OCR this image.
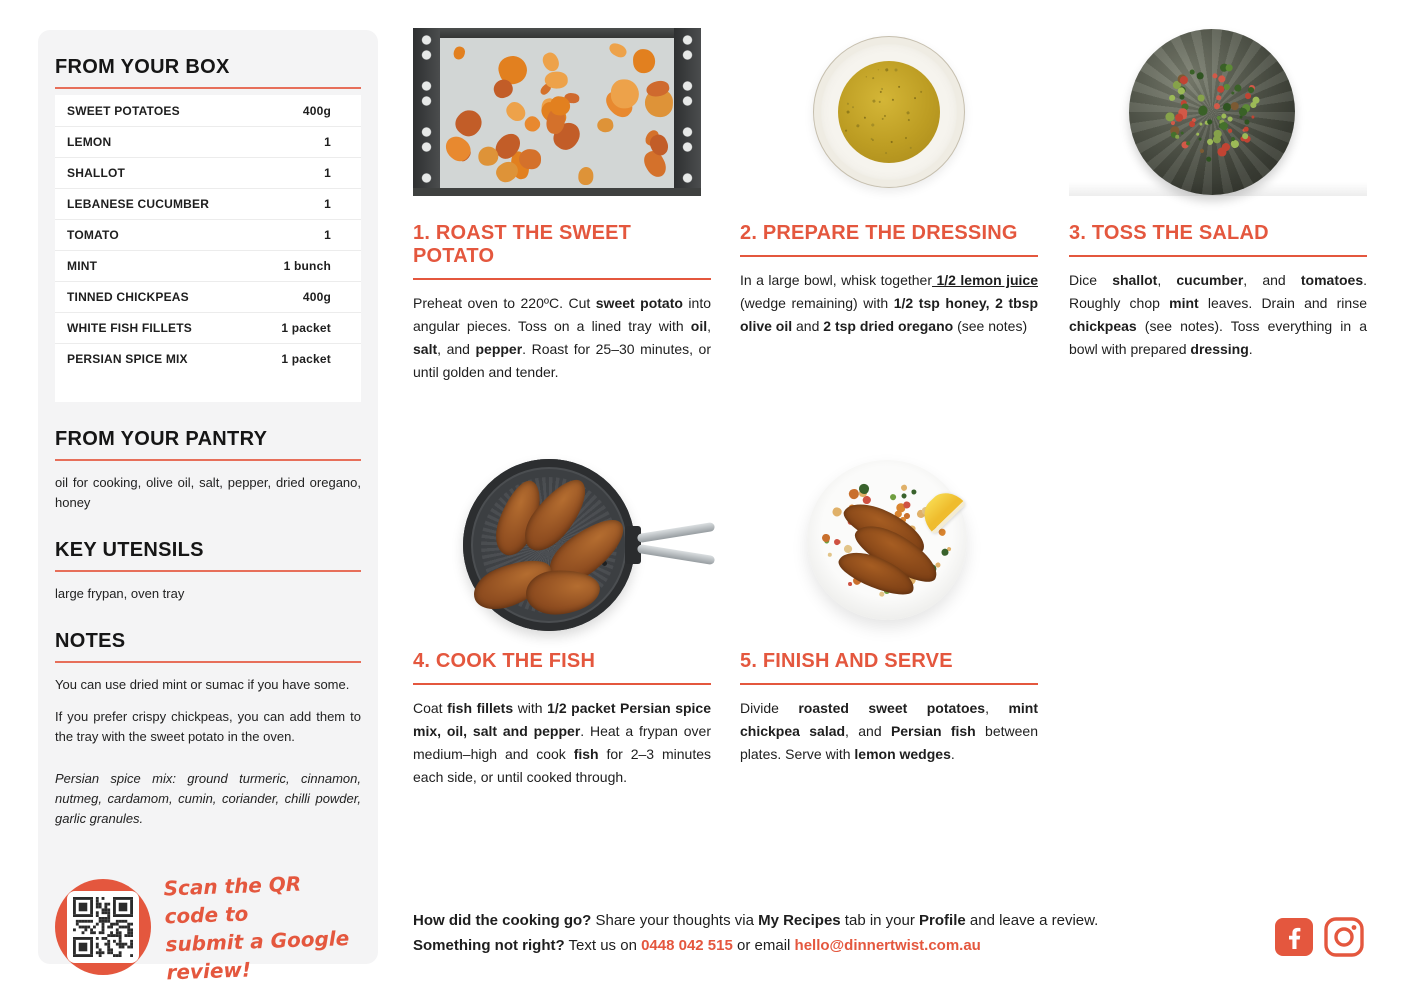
FROM YOUR BOX
SWEET POTATOES	400g
LEMON	1
SHALLOT	1
LEBANESE CUCUMBER	1
TOMATO	1
MINT	1 bunch
TINNED CHICKPEAS	400g
WHITE FISH FILLETS	1 packet
PERSIAN SPICE MIX	1 packet
FROM YOUR PANTRY

oil for cooking, olive oil, salt, pepper, dried oregano, honey

KEY UTENSILS

large frypan, oven tray

NOTES

You can use dried mint or sumac if you have some.

If you prefer crispy chickpeas, you can add them to the tray with the sweet potato in the oven.

Persian spice mix: ground turmeric, cinnamon, nutmeg, cardamom, cumin, coriander, chilli powder, garlic granules.

Scan the QR code to
submit a Google review!
1. ROAST THE SWEET POTATO

Preheat oven to 220ºC. Cut sweet potato into angular pieces. Toss on a lined tray with oil, salt, and pepper. Roast for 25–30 minutes, or until golden and tender.

2. PREPARE THE DRESSING

In a large bowl, whisk together 1/2 lemon juice (wedge remaining) with 1/2 tsp honey, 2 tbsp olive oil and 2 tsp dried oregano (see notes)

3. TOSS THE SALAD

Dice shallot, cucumber, and tomatoes. Roughly chop mint leaves. Drain and rinse chickpeas (see notes). Toss everything in a bowl with prepared dressing.

4. COOK THE FISH

Coat fish fillets with 1/2 packet Persian spice mix, oil, salt and pepper. Heat a frypan over medium–high and cook fish for 2–3 minutes each side, or until cooked through.

5. FINISH AND SERVE

Divide roasted sweet potatoes, mint chickpea salad, and Persian fish between plates. Serve with lemon wedges.

How did the cooking go? Share your thoughts via My Recipes tab in your Profile and leave a review.
Something not right? Text us on 0448 042 515 or email hello@dinnertwist.com.au
